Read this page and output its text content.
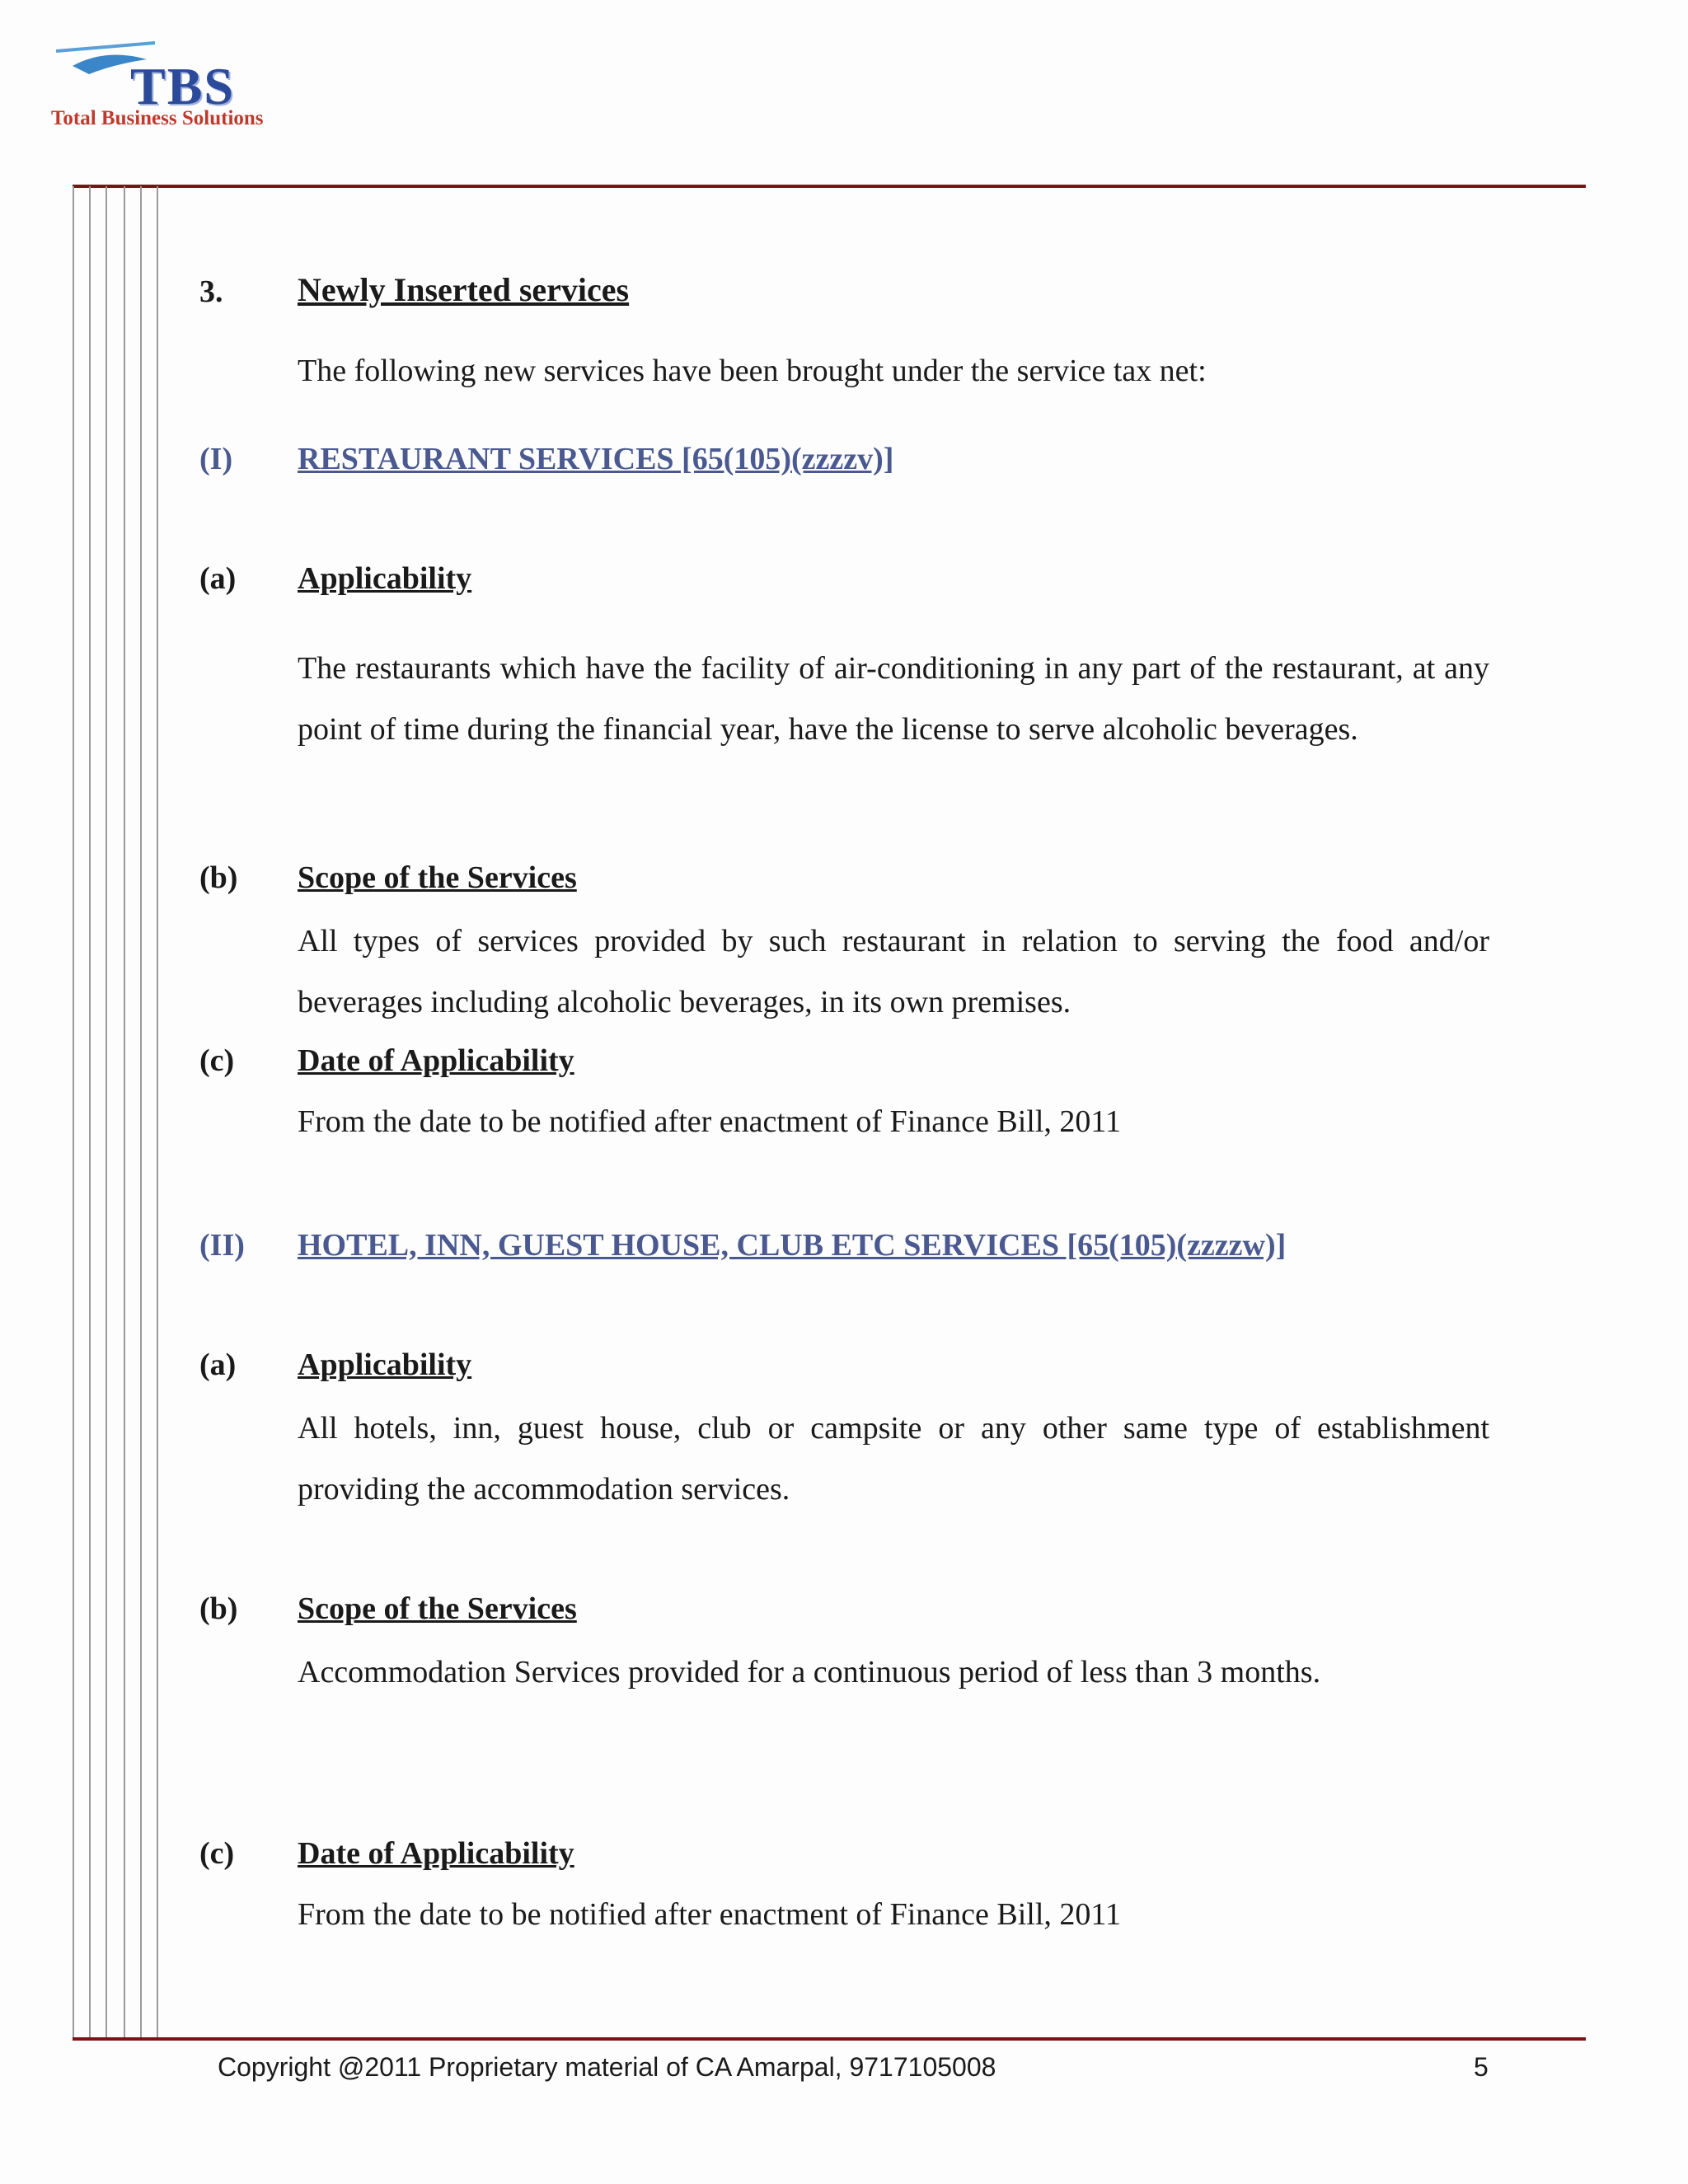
TBS
Total Business Solutions
3. Newly Inserted services
The following new services have been brought under the service tax net:
(I) RESTAURANT SERVICES [65(105)(zzzzv)]
(a) Applicability
The restaurants which have the facility of air-conditioning in any part of the restaurant, at any point of time during the financial year, have the license to serve alcoholic beverages.
(b) Scope of the Services
All types of services provided by such restaurant in relation to serving the food and/or beverages including alcoholic beverages, in its own premises.
(c) Date of Applicability
From the date to be notified after enactment of Finance Bill, 2011
(II) HOTEL, INN, GUEST HOUSE, CLUB ETC SERVICES [65(105)(zzzzw)]
(a) Applicability
All hotels, inn, guest house, club or campsite or any other same type of establishment providing the accommodation services.
(b) Scope of the Services
Accommodation Services provided for a continuous period of less than 3 months.
(c) Date of Applicability
From the date to be notified after enactment of Finance Bill, 2011
Copyright @2011 Proprietary material of CA Amarpal, 9717105008	5
